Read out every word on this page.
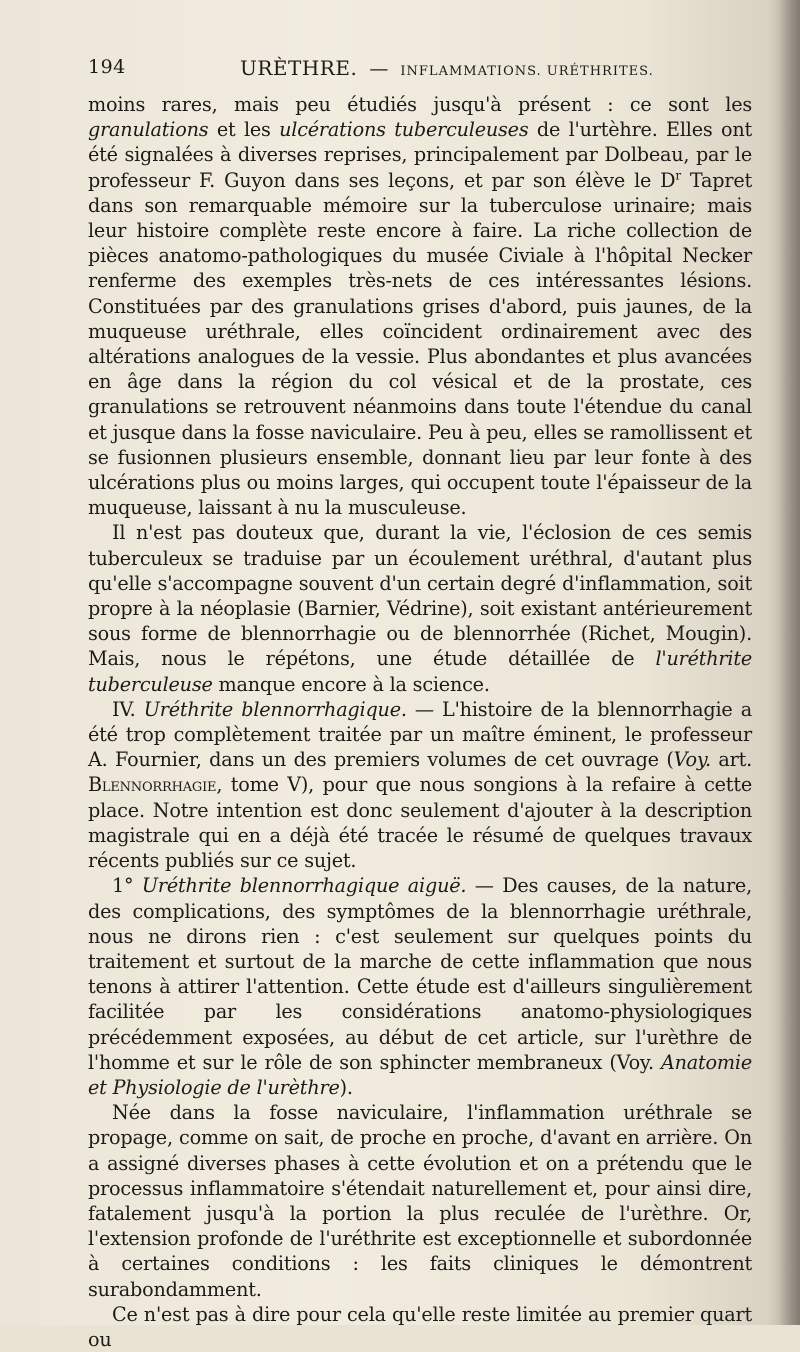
194	URÈTHRE. — INFLAMMATIONS. URÉTHRITES.

moins rares, mais peu étudiés jusqu'à présent : ce sont les granulations et les ulcérations tuberculeuses de l'urtèhre. Elles ont été signalées à diverses reprises, principalement par Dolbeau, par le professeur F. Guyon dans ses leçons, et par son élève le $D^r$ Tapret dans son remarquable mémoire sur la tuberculose urinaire; mais leur histoire complète reste encore à faire. La riche collection de pièces anatomo-pathologiques du musée Civiale à l'hôpital Necker renferme des exemples très-nets de ces intéressantes lésions. Constituées par des granulations grises d'abord, puis jaunes, de la muqueuse uréthrale, elles coïncident ordinairement avec des altérations analogues de la vessie. Plus abondantes et plus avancées en âge dans la région du col vésical et de la prostate, ces granulations se retrouvent néanmoins dans toute l'étendue du canal et jusque dans la fosse naviculaire. Peu à peu, elles se ramollissent et se fusionnen plusieurs ensemble, donnant lieu par leur fonte à des ulcérations plus ou moins larges, qui occupent toute l'épaisseur de la muqueuse, laissant à nu la musculeuse.

Il n'est pas douteux que, durant la vie, l'éclosion de ces semis tuberculeux se traduise par un écoulement uréthral, d'autant plus qu'elle s'accompagne souvent d'un certain degré d'inflammation, soit propre à la néoplasie (Barnier, Védrine), soit existant antérieurement sous forme de blennorrhagie ou de blennorrhée (Richet, Mougin). Mais, nous le répétons, une étude détaillée de l'uréthrite tuberculeuse manque encore à la science.

IV. Uréthrite blennorrhagique. — L'histoire de la blennorrhagie a été trop complètement traitée par un maître éminent, le professeur A. Fournier, dans un des premiers volumes de cet ouvrage (Voy. art. Blennorrhagie, tome V), pour que nous songions à la refaire à cette place. Notre intention est donc seulement d'ajouter à la description magistrale qui en a déjà été tracée le résumé de quelques travaux récents publiés sur ce sujet.

1° Uréthrite blennorrhagique aiguë. — Des causes, de la nature, des complications, des symptômes de la blennorrhagie uréthrale, nous ne dirons rien : c'est seulement sur quelques points du traitement et surtout de la marche de cette inflammation que nous tenons à attirer l'attention. Cette étude est d'ailleurs singulièrement facilitée par les considérations anatomo-physiologiques précédemment exposées, au début de cet article, sur l'urèthre de l'homme et sur le rôle de son sphincter membraneux (Voy. Anatomie et Physiologie de l'urèthre).

Née dans la fosse naviculaire, l'inflammation uréthrale se propage, comme on sait, de proche en proche, d'avant en arrière. On a assigné diverses phases à cette évolution et on a prétendu que le processus inflammatoire s'étendait naturellement et, pour ainsi dire, fatalement jusqu'à la portion la plus reculée de l'urèthre. Or, l'extension profonde de l'uréthrite est exceptionnelle et subordonnée à certaines conditions : les faits cliniques le démontrent surabondamment.

Ce n'est pas à dire pour cela qu'elle reste limitée au premier quart ou
